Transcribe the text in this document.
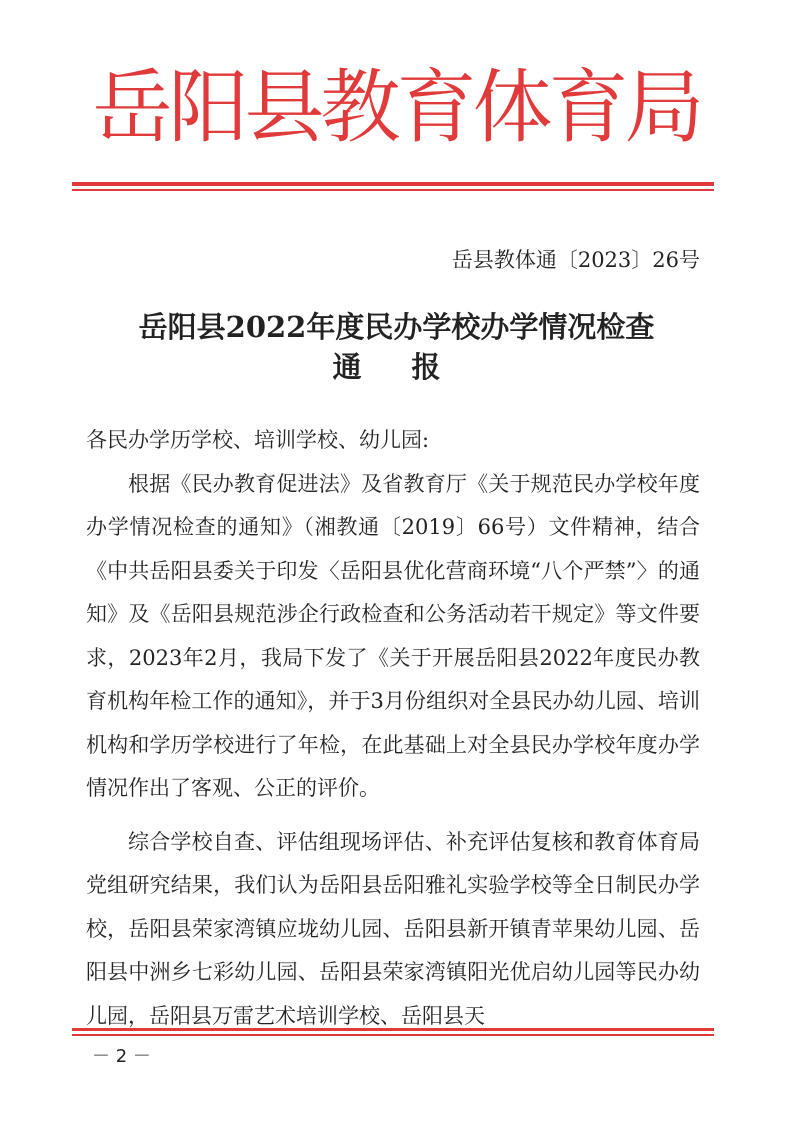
岳阳县教育体育局
岳县教体通〔2023〕26号
岳阳县2022年度民办学校办学情况检查
通 报

各民办学历学校、培训学校、幼儿园:

根据《民办教育促进法》及省教育厅《关于规范民办学校年度办学情况检查的通知》（湘教通〔2019〕66号）文件精神，结合《中共岳阳县委关于印发〈岳阳县优化营商环境“八个严禁”〉的通知》及《岳阳县规范涉企行政检查和公务活动若干规定》等文件要求，2023年2月，我局下发了《关于开展岳阳县2022年度民办教育机构年检工作的通知》，并于3月份组织对全县民办幼儿园、培训机构和学历学校进行了年检，在此基础上对全县民办学校年度办学情况作出了客观、公正的评价。

综合学校自查、评估组现场评估、补充评估复核和教育体育局党组研究结果，我们认为岳阳县岳阳雅礼实验学校等全日制民办学校，岳阳县荣家湾镇应垅幼儿园、岳阳县新开镇青苹果幼儿园、岳阳县中洲乡七彩幼儿园、岳阳县荣家湾镇阳光优启幼儿园等民办幼儿园，岳阳县万雷艺术培训学校、岳阳县天

－ 2 －
